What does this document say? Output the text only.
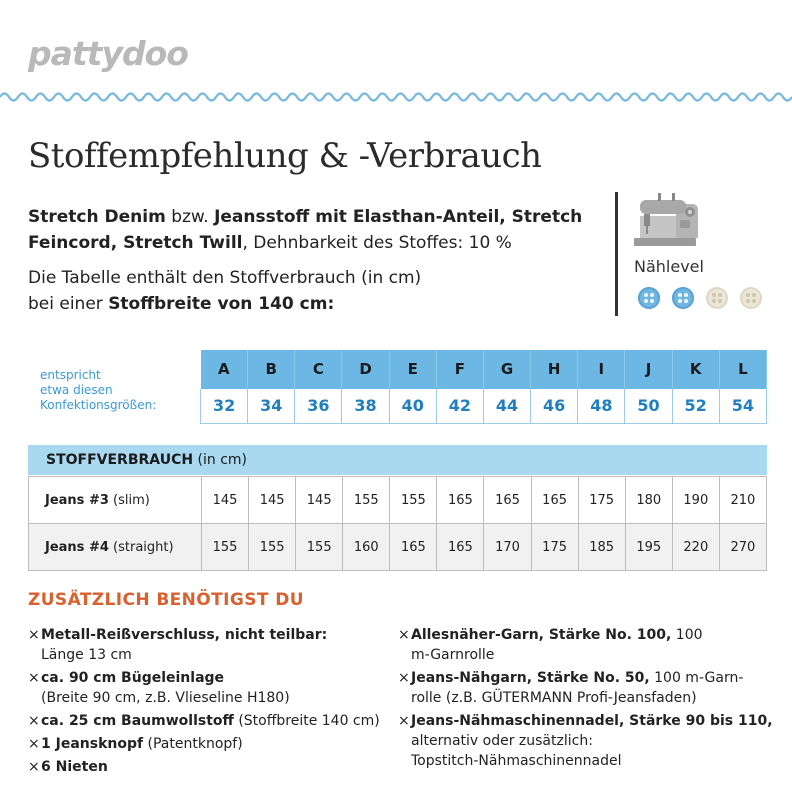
pattydoo
Stoffempfehlung & -Verbrauch

Stretch Denim bzw. Jeansstoff mit Elasthan-Anteil, Stretch Feincord, Stretch Twill, Dehnbarkeit des Stoffes: 10 %

Die Tabelle enthält den Stoffverbrauch (in cm)
bei einer Stoffbreite von 140 cm:

Nählevel
entspricht
etwa diesen
Konfektionsgrößen:
A	B	C	D	E	F	G	H	I	J	K	L
32	34	36	38	40	42	44	46	48	50	52	54
STOFFVERBRAUCH (in cm)
Jeans #3 (slim)	145	145	145	155	155	165	165	165	175	180	190	210
Jeans #4 (straight)	155	155	155	160	165	165	170	175	185	195	220	270
ZUSÄTZLICH BENÖTIGST DU
× Metall-Reißverschluss, nicht teilbar:
Länge 13 cm
× ca. 90 cm Bügeleinlage
(Breite 90 cm, z.B. Vlieseline H180)
× ca. 25 cm Baumwollstoff (Stoffbreite 140 cm)
× 1 Jeansknopf (Patentknopf)
× 6 Nieten
× Allesnäher-Garn, Stärke No. 100, 100
m-Garnrolle
× Jeans-Nähgarn, Stärke No. 50, 100 m-Garn-
rolle (z.B. GÜTERMANN Profi-Jeansfaden)
× Jeans-Nähmaschinennadel, Stärke 90 bis 110,
alternativ oder zusätzlich:
Topstitch-Nähmaschinennadel
